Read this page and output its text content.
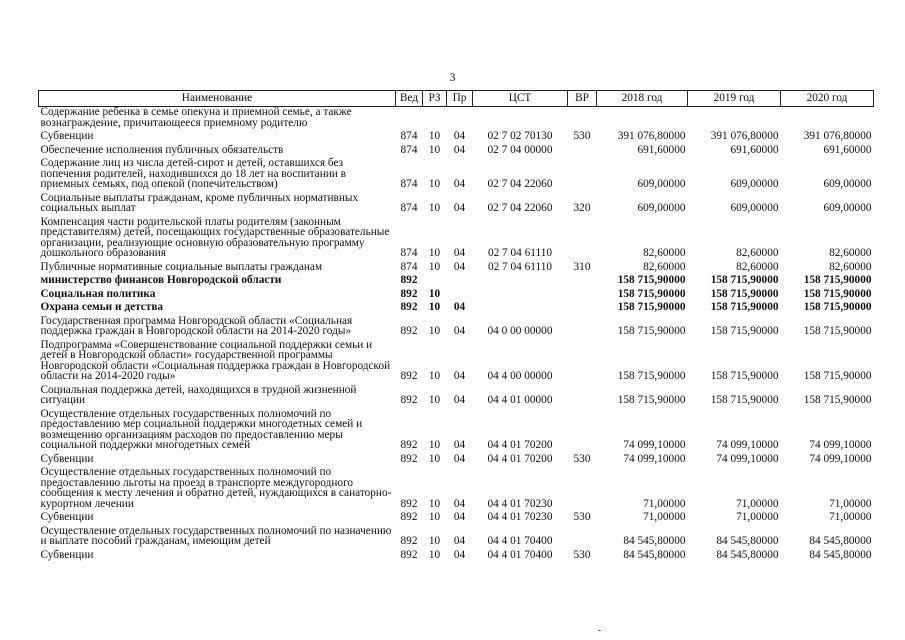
3
Наименование	Вед	РЗ	Пр	ЦСТ	ВР	2018 год	2019 год	2020 год
Содержание ребенка в семье опекуна и приемной семье, а также вознаграждение, причитающееся приемному родителю								
Субвенции	874	10	04	02 7 02 70130	530	391 076,80000	391 076,80000	391 076,80000
Обеспечение исполнения публичных обязательств	874	10	04	02 7 04 00000		691,60000	691,60000	691,60000
Содержание лиц из числа детей-сирот и детей, оставшихся без попечения родителей, находившихся до 18 лет на воспитании в приемных семьях, под опекой (попечительством)	874	10	04	02 7 04 22060		609,00000	609,00000	609,00000
Социальные выплаты гражданам, кроме публичных нормативных социальных выплат	874	10	04	02 7 04 22060	320	609,00000	609,00000	609,00000
Компенсация части родительской платы родителям (законным представителям) детей, посещающих государственные образовательные организации, реализующие основную образовательную программу дошкольного образования	874	10	04	02 7 04 61110		82,60000	82,60000	82,60000
Публичные нормативные социальные выплаты гражданам	874	10	04	02 7 04 61110	310	82,60000	82,60000	82,60000
министерство финансов Новгородской области	892					158 715,90000	158 715,90000	158 715,90000
Социальная политика	892	10				158 715,90000	158 715,90000	158 715,90000
Охрана семьи и детства	892	10	04			158 715,90000	158 715,90000	158 715,90000
Государственная программа Новгородской области «Социальная поддержка граждан в Новгородской области на 2014-2020 годы»	892	10	04	04 0 00 00000		158 715,90000	158 715,90000	158 715,90000
Подпрограмма «Совершенствование социальной поддержки семьи и детей в Новгородской области» государственной программы Новгородской области «Социальная поддержка граждан в Новгородской области на 2014-2020 годы»	892	10	04	04 4 00 00000		158 715,90000	158 715,90000	158 715,90000
Социальная поддержка детей, находящихся в трудной жизненной ситуации	892	10	04	04 4 01 00000		158 715,90000	158 715,90000	158 715,90000
Осуществление отдельных государственных полномочий по предоставлению мер социальной поддержки многодетных семей и возмещению организациям расходов по предоставлению меры социальной поддержки многодетных семей	892	10	04	04 4 01 70200		74 099,10000	74 099,10000	74 099,10000
Субвенции	892	10	04	04 4 01 70200	530	74 099,10000	74 099,10000	74 099,10000
Осуществление отдельных государственных полномочий по предоставлению льготы на проезд в транспорте междугородного сообщения к месту лечения и обратно детей, нуждающихся в санаторно-курортном лечении	892	10	04	04 4 01 70230		71,00000	71,00000	71,00000
Субвенции	892	10	04	04 4 01 70230	530	71,00000	71,00000	71,00000
Осуществление отдельных государственных полномочий по назначению и выплате пособий гражданам, имеющим детей	892	10	04	04 4 01 70400		84 545,80000	84 545,80000	84 545,80000
Субвенции	892	10	04	04 4 01 70400	530	84 545,80000	84 545,80000	84 545,80000
